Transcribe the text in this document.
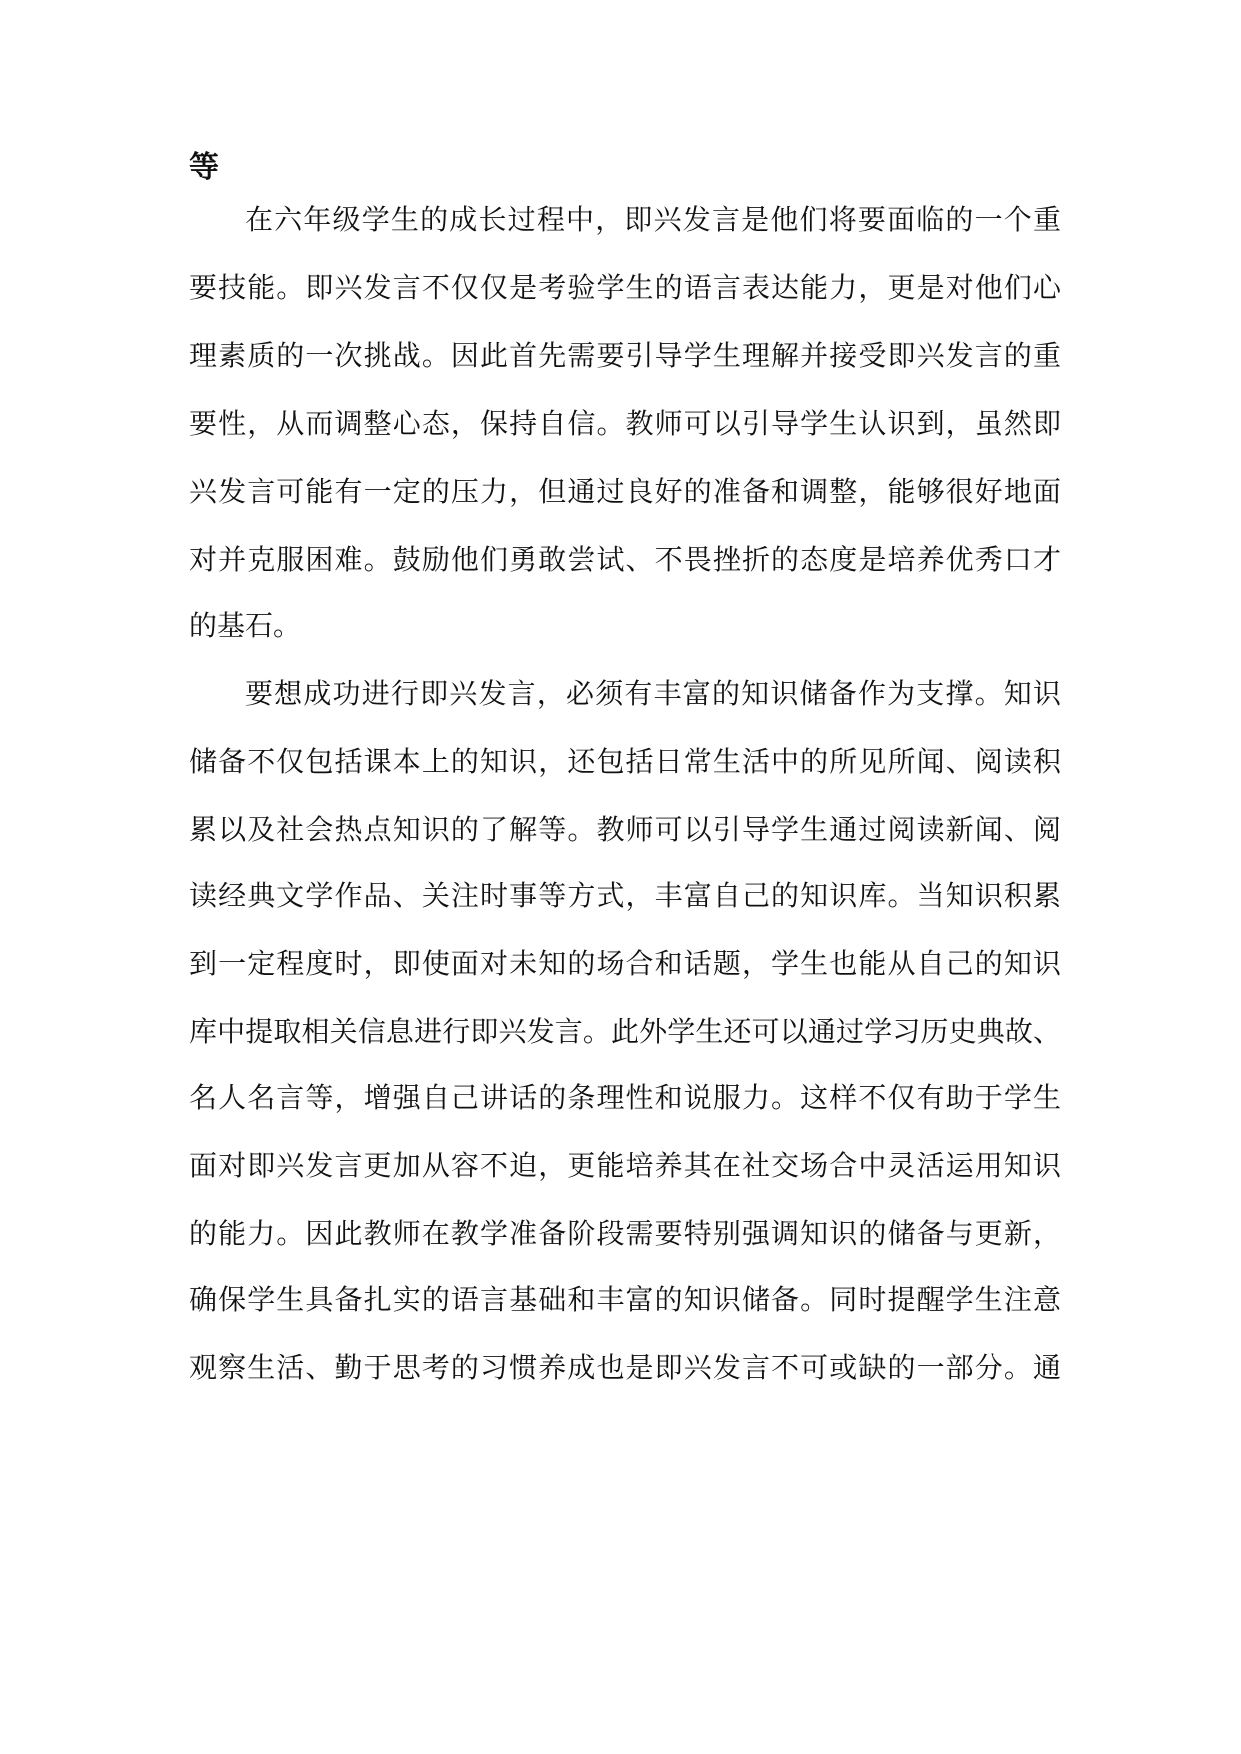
等

在六年级学生的成长过程中，即兴发言是他们将要面临的一个重

要技能。即兴发言不仅仅是考验学生的语言表达能力，更是对他们心

理素质的一次挑战。因此首先需要引导学生理解并接受即兴发言的重

要性，从而调整心态，保持自信。教师可以引导学生认识到，虽然即

兴发言可能有一定的压力，但通过良好的准备和调整，能够很好地面

对并克服困难。鼓励他们勇敢尝试、不畏挫折的态度是培养优秀口才

的基石。

要想成功进行即兴发言，必须有丰富的知识储备作为支撑。知识

储备不仅包括课本上的知识，还包括日常生活中的所见所闻、阅读积

累以及社会热点知识的了解等。教师可以引导学生通过阅读新闻、阅

读经典文学作品、关注时事等方式，丰富自己的知识库。当知识积累

到一定程度时，即使面对未知的场合和话题，学生也能从自己的知识

库中提取相关信息进行即兴发言。此外学生还可以通过学习历史典故、

名人名言等，增强自己讲话的条理性和说服力。这样不仅有助于学生

面对即兴发言更加从容不迫，更能培养其在社交场合中灵活运用知识

的能力。因此教师在教学准备阶段需要特别强调知识的储备与更新，

确保学生具备扎实的语言基础和丰富的知识储备。同时提醒学生注意

观察生活、勤于思考的习惯养成也是即兴发言不可或缺的一部分。通
